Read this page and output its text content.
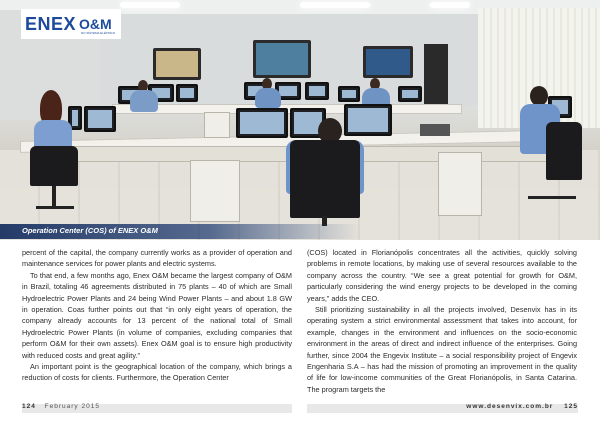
ENEX O&M
DO SISTEMA ELÉTRICO
Operation Center (COS) of ENEX O&M

percent of the capital, the company currently works as a provider of operation and maintenance services for power plants and electric systems.

To that end, a few months ago, Enex O&M became the largest company of O&M in Brazil, totaling 46 agreements distributed in 75 plants – 40 of which are Small Hydroelectric Power Plants and 24 being Wind Power Plants – and about 1.8 GW in operation. Coas further points out that “in only eight years of operation, the company already accounts for 13 percent of the national total of Small Hydroelectric Power Plants (in volume of companies, excluding companies that perform O&M for their own assets). Enex O&M goal is to ensure high productivity with reduced costs and great agility.”

An important point is the geographical location of the company, which brings a reduction of costs for clients. Furthermore, the Operation Center

(COS) located in Florianópolis concentrates all the activities, quickly solving problems in remote locations, by making use of several resources available to the company across the country. “We see a great potential for growth for O&M, particularly considering the wind energy projects to be developed in the coming years,” adds the CEO.

Still prioritizing sustainability in all the projects involved, Desenvix has in its operating system a strict environmental assessment that takes into account, for example, changes in the environment and influences on the socio-economic environment in the areas of direct and indirect influence of the enterprises. Going further, since 2004 the Engevix Institute – a social responsibility project of Engevix Engenharia S.A – has had the mission of promoting an improvement in the quality of life for low-income communities of the Great Florianópolis, in Santa Catarina. The program targets the

124 February 2015	www.desenvix.com.br 125
